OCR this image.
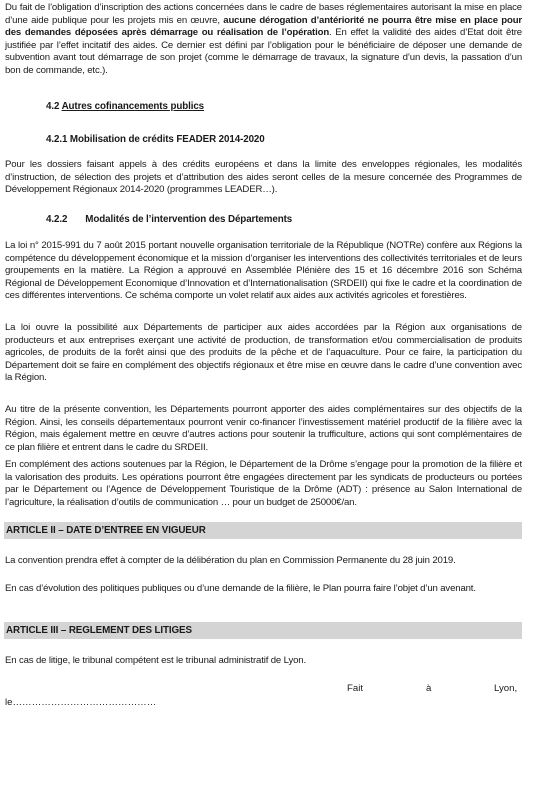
Du fait de l’obligation d’inscription des actions concernées dans le cadre de bases réglementaires autorisant la mise en place d’une aide publique pour les projets mis en œuvre, aucune dérogation d’antériorité ne pourra être mise en place pour des demandes déposées après démarrage ou réalisation de l’opération. En effet la validité des aides d’Etat doit être justifiée par l’effet incitatif des aides. Ce dernier est défini par l’obligation pour le bénéficiaire de déposer une demande de subvention avant tout démarrage de son projet (comme le démarrage de travaux, la signature d’un devis, la passation d’un bon de commande, etc.).

4.2 Autres cofinancements publics
4.2.1 Mobilisation de crédits FEADER 2014-2020

Pour les dossiers faisant appels à des crédits européens et dans la limite des enveloppes régionales, les modalités d’instruction, de sélection des projets et d’attribution des aides seront celles de la mesure concernée des Programmes de Développement Régionaux 2014-2020 (programmes LEADER…).

4.2.2 Modalités de l’intervention des Départements

La loi n° 2015-991 du 7 août 2015 portant nouvelle organisation territoriale de la République (NOTRe) confère aux Régions la compétence du développement économique et la mission d’organiser les interventions des collectivités territoriales et de leurs groupements en la matière. La Région a approuvé en Assemblée Plénière des 15 et 16 décembre 2016 son Schéma Régional de Développement Economique d’Innovation et d’Internationalisation (SRDEII) qui fixe le cadre et la coordination de ces différentes interventions. Ce schéma comporte un volet relatif aux aides aux activités agricoles et forestières.

La loi ouvre la possibilité aux Départements de participer aux aides accordées par la Région aux organisations de producteurs et aux entreprises exerçant une activité de production, de transformation et/ou commercialisation de produits agricoles, de produits de la forêt ainsi que des produits de la pêche et de l’aquaculture. Pour ce faire, la participation du Département doit se faire en complément des objectifs régionaux et être mise en œuvre dans le cadre d’une convention avec la Région.

Au titre de la présente convention, les Départements pourront apporter des aides complémentaires sur des objectifs de la Région. Ainsi, les conseils départementaux pourront venir co-financer l’investissement matériel productif de la filière avec la Région, mais également mettre en œuvre d’autres actions pour soutenir la trufficulture, actions qui sont complémentaires de ce plan filière et entrent dans le cadre du SRDEII.

En complément des actions soutenues par la Région, le Département de la Drôme s’engage pour la promotion de la filière et la valorisation des produits. Les opérations pourront être engagées directement par les syndicats de producteurs ou portées par le Département ou l’Agence de Développement Touristique de la Drôme (ADT) : présence au Salon International de l’agriculture, la réalisation d’outils de communication … pour un budget de 25000€/an.

ARTICLE II – DATE D’ENTREE EN VIGUEUR

La convention prendra effet à compter de la délibération du plan en Commission Permanente du 28 juin 2019.

En cas d’évolution des politiques publiques ou d’une demande de la filière, le Plan pourra faire l’objet d’un avenant.

ARTICLE III – REGLEMENT DES LITIGES

En cas de litige, le tribunal compétent est le tribunal administratif de Lyon.

Fait	à	Lyon,
le………………………………………
